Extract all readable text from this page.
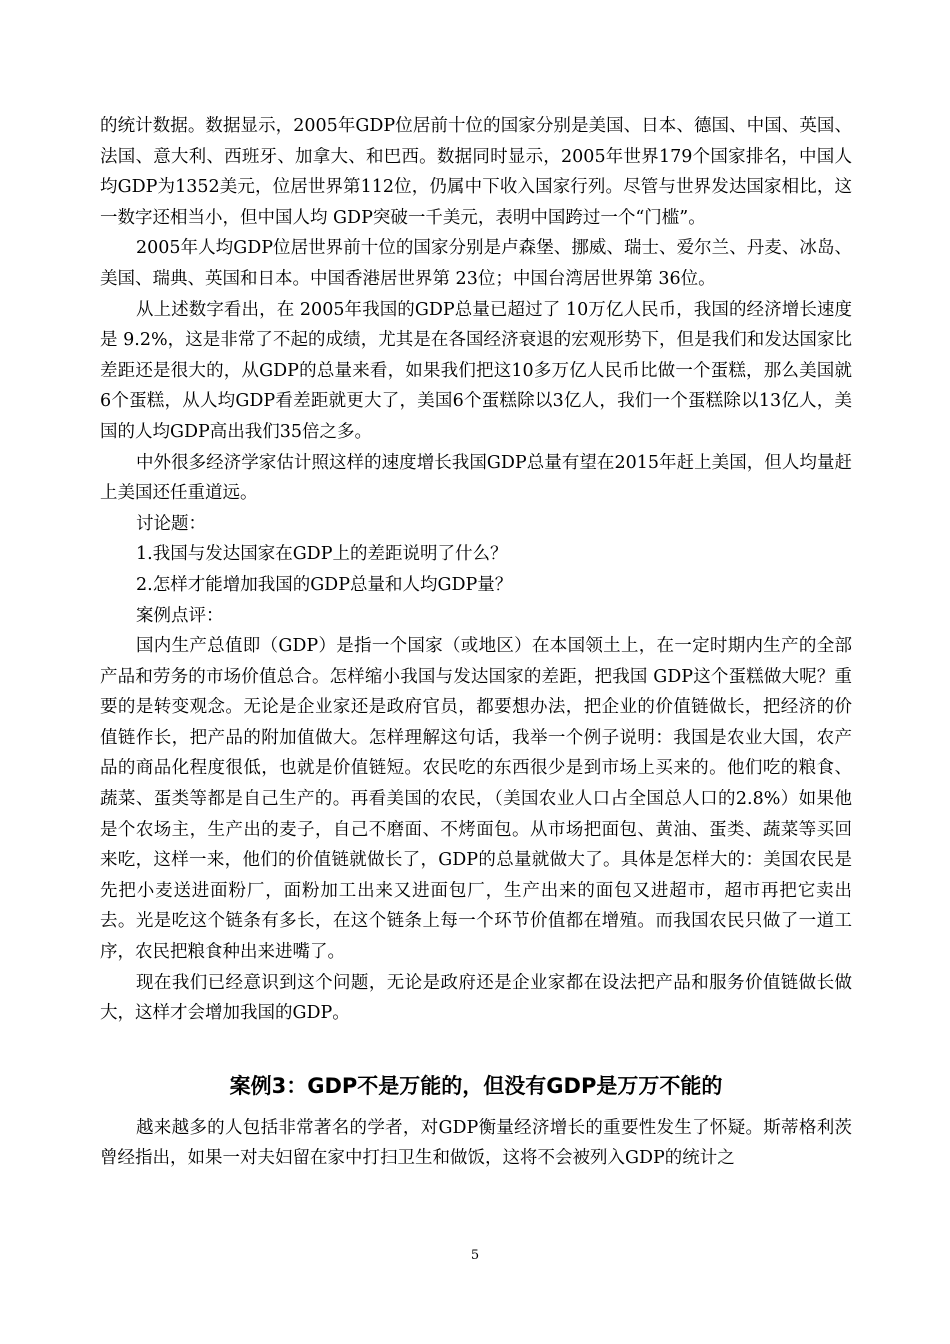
的统计数据。数据显示，2005年GDP位居前十位的国家分别是美国、日本、德国、中国、英国、法国、意大利、西班牙、加拿大、和巴西。数据同时显示，2005年世界179个国家排名，中国人均GDP为1352美元，位居世界第112位，仍属中下收入国家行列。尽管与世界发达国家相比，这一数字还相当小，但中国人均 GDP突破一千美元，表明中国跨过一个“门槛”。

2005年人均GDP位居世界前十位的国家分别是卢森堡、挪威、瑞士、爱尔兰、丹麦、冰岛、美国、瑞典、英国和日本。中国香港居世界第 23位；中国台湾居世界第 36位。

从上述数字看出，在 2005年我国的GDP总量已超过了 10万亿人民币，我国的经济增长速度是 9.2%，这是非常了不起的成绩，尤其是在各国经济衰退的宏观形势下，但是我们和发达国家比差距还是很大的，从GDP的总量来看，如果我们把这10多万亿人民币比做一个蛋糕，那么美国就6个蛋糕，从人均GDP看差距就更大了，美国6个蛋糕除以3亿人，我们一个蛋糕除以13亿人，美国的人均GDP高出我们35倍之多。

中外很多经济学家估计照这样的速度增长我国GDP总量有望在2015年赶上美国，但人均量赶上美国还任重道远。

讨论题：

1.我国与发达国家在GDP上的差距说明了什么？

2.怎样才能增加我国的GDP总量和人均GDP量？

案例点评：

国内生产总值即（GDP）是指一个国家（或地区）在本国领土上，在一定时期内生产的全部产品和劳务的市场价值总合。怎样缩小我国与发达国家的差距，把我国 GDP这个蛋糕做大呢？重要的是转变观念。无论是企业家还是政府官员，都要想办法，把企业的价值链做长，把经济的价值链作长，把产品的附加值做大。怎样理解这句话，我举一个例子说明：我国是农业大国，农产品的商品化程度很低，也就是价值链短。农民吃的东西很少是到市场上买来的。他们吃的粮食、蔬菜、蛋类等都是自己生产的。再看美国的农民，（美国农业人口占全国总人口的2.8%）如果他是个农场主，生产出的麦子，自己不磨面、不烤面包。从市场把面包、黄油、蛋类、蔬菜等买回来吃，这样一来，他们的价值链就做长了，GDP的总量就做大了。具体是怎样大的：美国农民是先把小麦送进面粉厂，面粉加工出来又进面包厂，生产出来的面包又进超市，超市再把它卖出去。光是吃这个链条有多长，在这个链条上每一个环节价值都在增殖。而我国农民只做了一道工序，农民把粮食种出来进嘴了。

现在我们已经意识到这个问题，无论是政府还是企业家都在设法把产品和服务价值链做长做大，这样才会增加我国的GDP。

案例3：GDP不是万能的，但没有GDP是万万不能的

越来越多的人包括非常著名的学者，对GDP衡量经济增长的重要性发生了怀疑。斯蒂格利茨曾经指出，如果一对夫妇留在家中打扫卫生和做饭，这将不会被列入GDP的统计之

5
